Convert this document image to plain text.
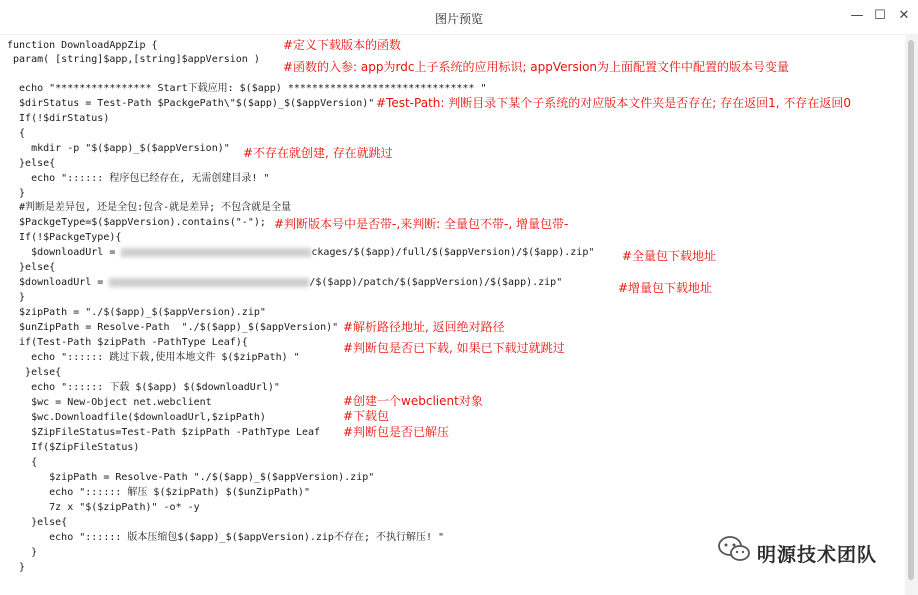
图片预览	— ☐ ✕
function DownloadAppZip {
param( [string]$app,[string]$appVersion )
echo "**************** Start下载应用: $($app) ******************************* "
$dirStatus = Test-Path $PackgePath\"$($app)_$($appVersion)"
If(!$dirStatus)
{
mkdir -p "$($app)_$($appVersion)"
}else{
echo ":::::: 程序包已经存在, 无需创建目录! "
}
#判断是差异包, 还是全包:包含-就是差异; 不包含就是全量
$PackgeType=$($appVersion).contains("-");
If(!$PackgeType){
$downloadUrl =	ckages/$($app)/full/$($appVersion)/$($app).zip"
}else{
$downloadUrl =	/$($app)/patch/$($appVersion)/$($app).zip"
}
$zipPath = "./$($app)_$($appVersion).zip"
$unZipPath = Resolve-Path  "./$($app)_$($appVersion)"
if(Test-Path $zipPath -PathType Leaf){
echo ":::::: 跳过下载,使用本地文件 $($zipPath) "
}else{
echo ":::::: 下载 $($app) $($downloadUrl)"
$wc = New-Object net.webclient
$wc.Downloadfile($downloadUrl,$zipPath)
$ZipFileStatus=Test-Path $zipPath -PathType Leaf
If($ZipFileStatus)
{
$zipPath = Resolve-Path "./$($app)_$($appVersion).zip"
echo ":::::: 解压 $($zipPath) $($unZipPath)"
7z x "$($zipPath)" -o* -y
}else{
echo ":::::: 版本压缩包$($app)_$($appVersion).zip不存在; 不执行解压! "
}
}
#定义下载版本的函数
#函数的入参: app为rdc上子系统的应用标识; appVersion为上面配置文件中配置的版本号变量
#Test-Path: 判断目录下某个子系统的对应版本文件夹是否存在; 存在返回1, 不存在返回0
#不存在就创建, 存在就跳过
#判断版本号中是否带-,来判断: 全量包不带-, 增量包带-
#全量包下载地址
#增量包下载地址
#解析路径地址, 返回绝对路径
#判断包是否已下载, 如果已下载过就跳过
#创建一个webclient对象
#下载包
#判断包是否已解压
明源技术团队
